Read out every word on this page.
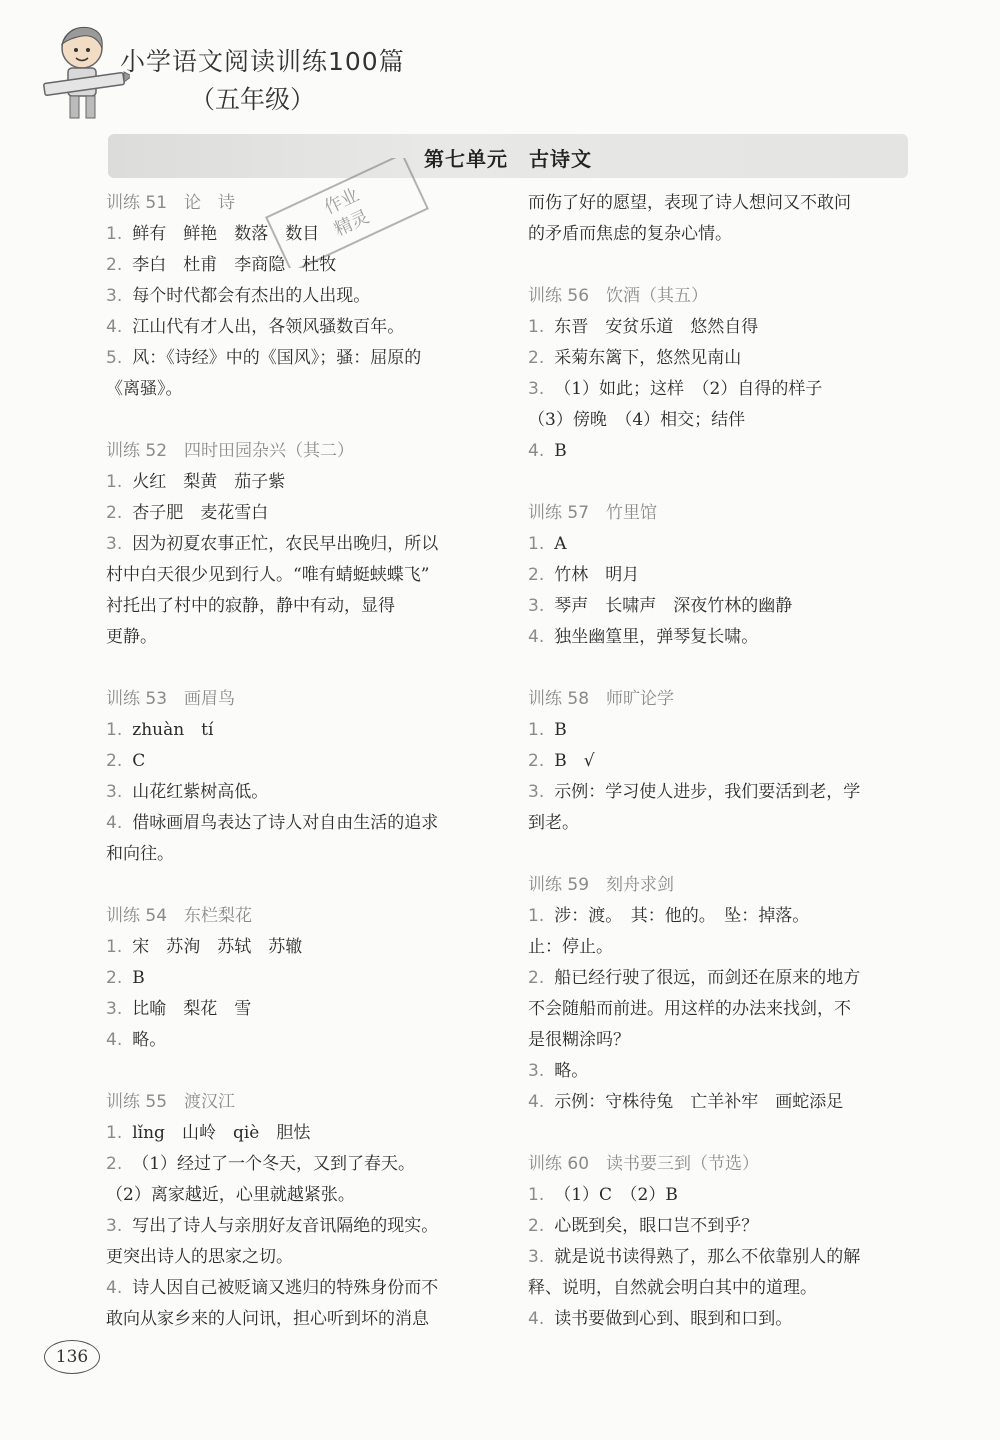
小学语文阅读训练100篇
（五年级）
第七单元　古诗文
作业
精灵
训练 51　论　诗
1. 鲜有　鲜艳　数落　数目
2. 李白　杜甫　李商隐　杜牧
3. 每个时代都会有杰出的人出现。
4. 江山代有才人出，各领风骚数百年。
5. 风：《诗经》中的《国风》；骚：屈原的
《离骚》。
训练 52　四时田园杂兴（其二）
1. 火红　梨黄　茄子紫
2. 杏子肥　麦花雪白
3. 因为初夏农事正忙，农民早出晚归，所以
村中白天很少见到行人。“唯有蜻蜓蛱蝶飞”
衬托出了村中的寂静，静中有动，显得
更静。
训练 53　画眉鸟
1. zhuàn　tí
2. C
3. 山花红紫树高低。
4. 借咏画眉鸟表达了诗人对自由生活的追求
和向往。
训练 54　东栏梨花
1. 宋　苏洵　苏轼　苏辙
2. B
3. 比喻　梨花　雪
4. 略。
训练 55　渡汉江
1. lǐng　山岭　qiè　胆怯
2. （1）经过了一个冬天，又到了春天。
（2）离家越近，心里就越紧张。
3. 写出了诗人与亲朋好友音讯隔绝的现实。
更突出诗人的思家之切。
4. 诗人因自己被贬谪又逃归的特殊身份而不
敢向从家乡来的人问讯，担心听到坏的消息
而伤了好的愿望，表现了诗人想问又不敢问
的矛盾而焦虑的复杂心情。
训练 56　饮酒（其五）
1. 东晋　安贫乐道　悠然自得
2. 采菊东篱下，悠然见南山
3. （1）如此；这样　（2）自得的样子
（3）傍晚　（4）相交；结伴
4. B
训练 57　竹里馆
1. A
2. 竹林　明月
3. 琴声　长啸声　深夜竹林的幽静
4. 独坐幽篁里，弹琴复长啸。
训练 58　师旷论学
1. B
2. B　√
3. 示例：学习使人进步，我们要活到老，学
到老。
训练 59　刻舟求剑
1. 涉：渡。　其：他的。　坠：掉落。
止：停止。
2. 船已经行驶了很远，而剑还在原来的地方
不会随船而前进。用这样的办法来找剑，不
是很糊涂吗？
3. 略。
4. 示例：守株待兔　亡羊补牢　画蛇添足
训练 60　读书要三到（节选）
1. （1）C　（2）B
2. 心既到矣，眼口岂不到乎？
3. 就是说书读得熟了，那么不依靠别人的解
释、说明，自然就会明白其中的道理。
4. 读书要做到心到、眼到和口到。
136
